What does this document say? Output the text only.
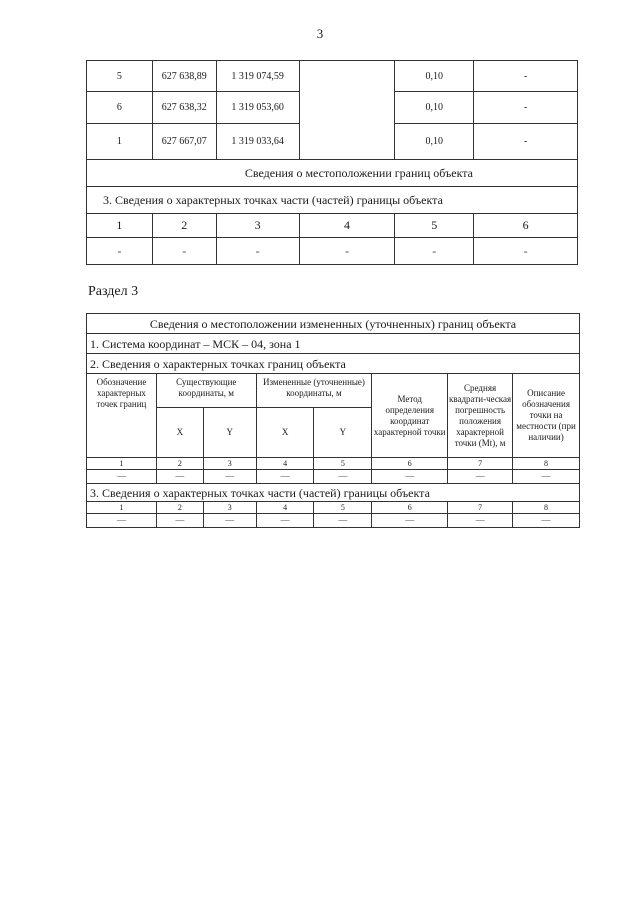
3
5	627 638,89	1 319 074,59		0,10	-
6	627 638,32	1 319 053,60		0,10	-
1	627 667,07	1 319 033,64		0,10	-
Сведения о местоположении границ объекта					
3. Сведения о характерных точках части (частей) границы объекта					
1	2	3	4	5	6
-	-	-	-	-	-
Раздел 3
Сведения о местоположении измененных (уточненных) границ объекта							
1. Система координат – МСК – 04, зона 1							
2. Сведения о характерных точках границ объекта							
Обозначение характерных точек границ	Существующие координаты, м		Измененные (уточненные) координаты, м		Метод определения координат характерной точки	Средняя квадрати-ческая погрешность положения характерной точки (Mt), м	Описание обозначения точки на местности (при наличии)
	X	Y	X	Y			
1	2	3	4	5	6	7	8
—	—	—	—	—	—	—	—
3. Сведения о характерных точках части (частей) границы объекта							
1	2	3	4	5	6	7	8
—	—	—	—	—	—	—	—
